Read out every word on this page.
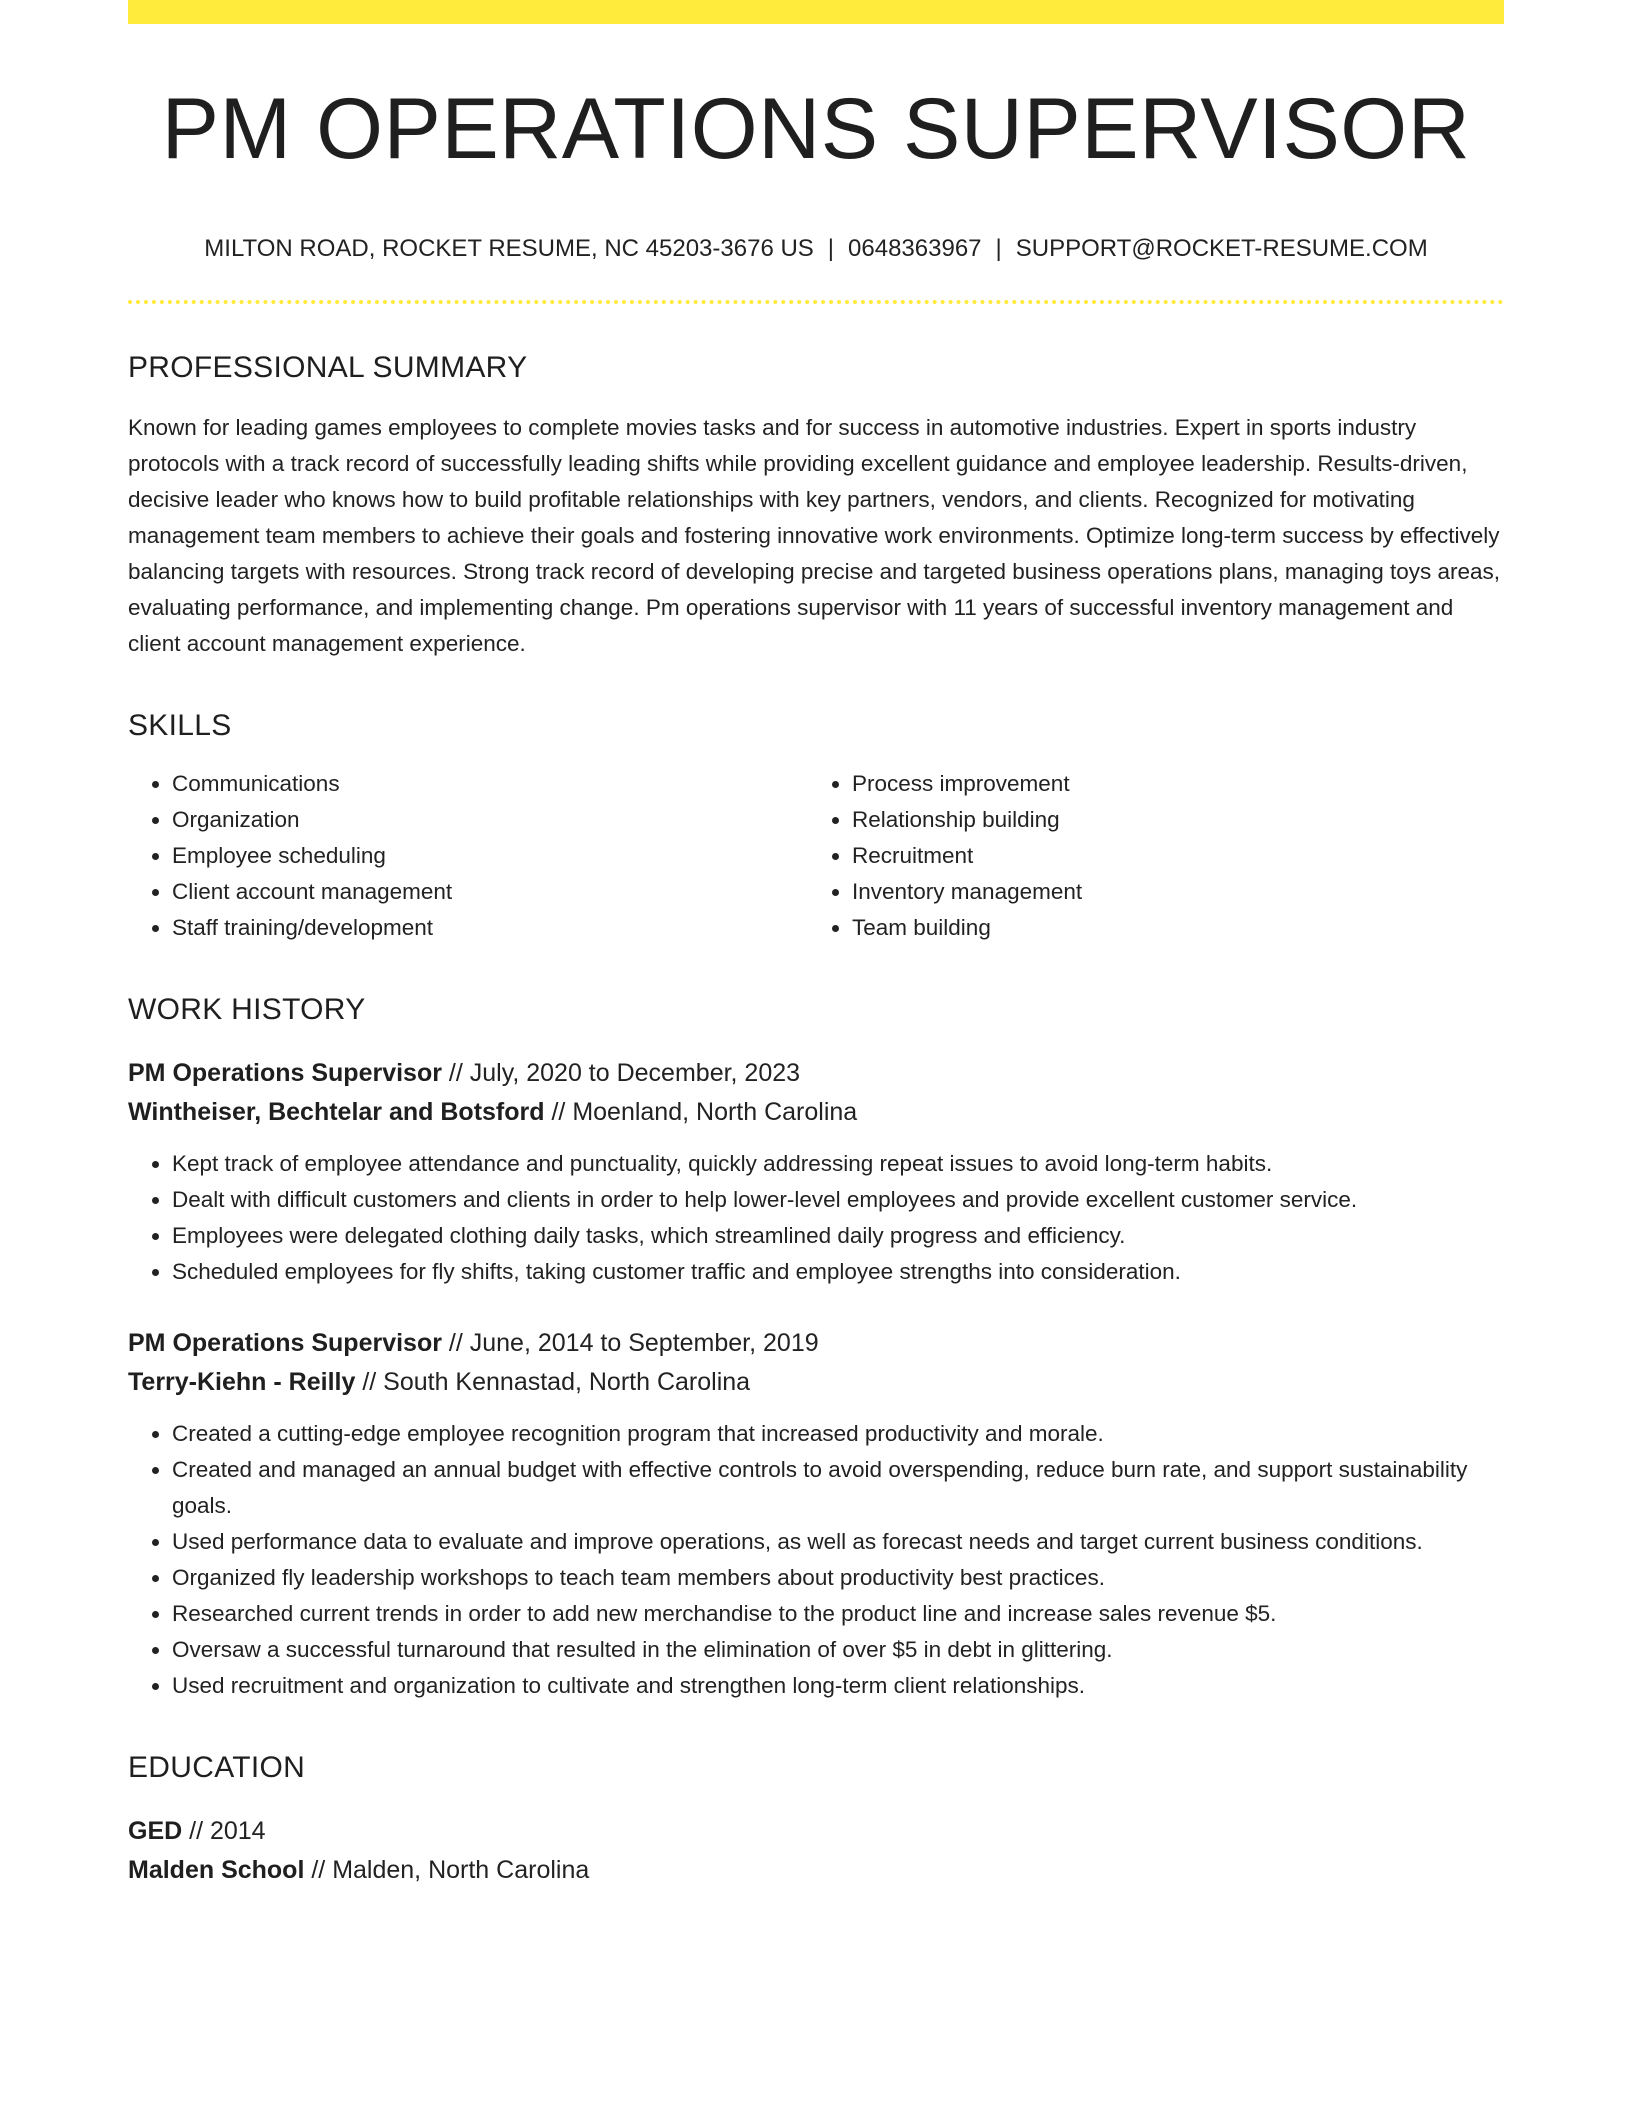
PM OPERATIONS SUPERVISOR
MILTON ROAD, ROCKET RESUME, NC 45203-3676 US | 0648363967 | SUPPORT@ROCKET-RESUME.COM
PROFESSIONAL SUMMARY

Known for leading games employees to complete movies tasks and for success in automotive industries. Expert in sports industry protocols with a track record of successfully leading shifts while providing excellent guidance and employee leadership. Results-driven, decisive leader who knows how to build profitable relationships with key partners, vendors, and clients. Recognized for motivating management team members to achieve their goals and fostering innovative work environments. Optimize long-term success by effectively balancing targets with resources. Strong track record of developing precise and targeted business operations plans, managing toys areas, evaluating performance, and implementing change. Pm operations supervisor with 11 years of successful inventory management and client account management experience.

SKILLS
• Communications
• Organization
• Employee scheduling
• Client account management
• Staff training/development
• Process improvement
• Relationship building
• Recruitment
• Inventory management
• Team building
WORK HISTORY
PM Operations Supervisor // July, 2020 to December, 2023
Wintheiser, Bechtelar and Botsford // Moenland, North Carolina
• Kept track of employee attendance and punctuality, quickly addressing repeat issues to avoid long-term habits.
• Dealt with difficult customers and clients in order to help lower-level employees and provide excellent customer service.
• Employees were delegated clothing daily tasks, which streamlined daily progress and efficiency.
• Scheduled employees for fly shifts, taking customer traffic and employee strengths into consideration.
PM Operations Supervisor // June, 2014 to September, 2019
Terry-Kiehn - Reilly // South Kennastad, North Carolina
• Created a cutting-edge employee recognition program that increased productivity and morale.
• Created and managed an annual budget with effective controls to avoid overspending, reduce burn rate, and support sustainability goals.
• Used performance data to evaluate and improve operations, as well as forecast needs and target current business conditions.
• Organized fly leadership workshops to teach team members about productivity best practices.
• Researched current trends in order to add new merchandise to the product line and increase sales revenue $5.
• Oversaw a successful turnaround that resulted in the elimination of over $5 in debt in glittering.
• Used recruitment and organization to cultivate and strengthen long-term client relationships.
EDUCATION
GED // 2014
Malden School // Malden, North Carolina
